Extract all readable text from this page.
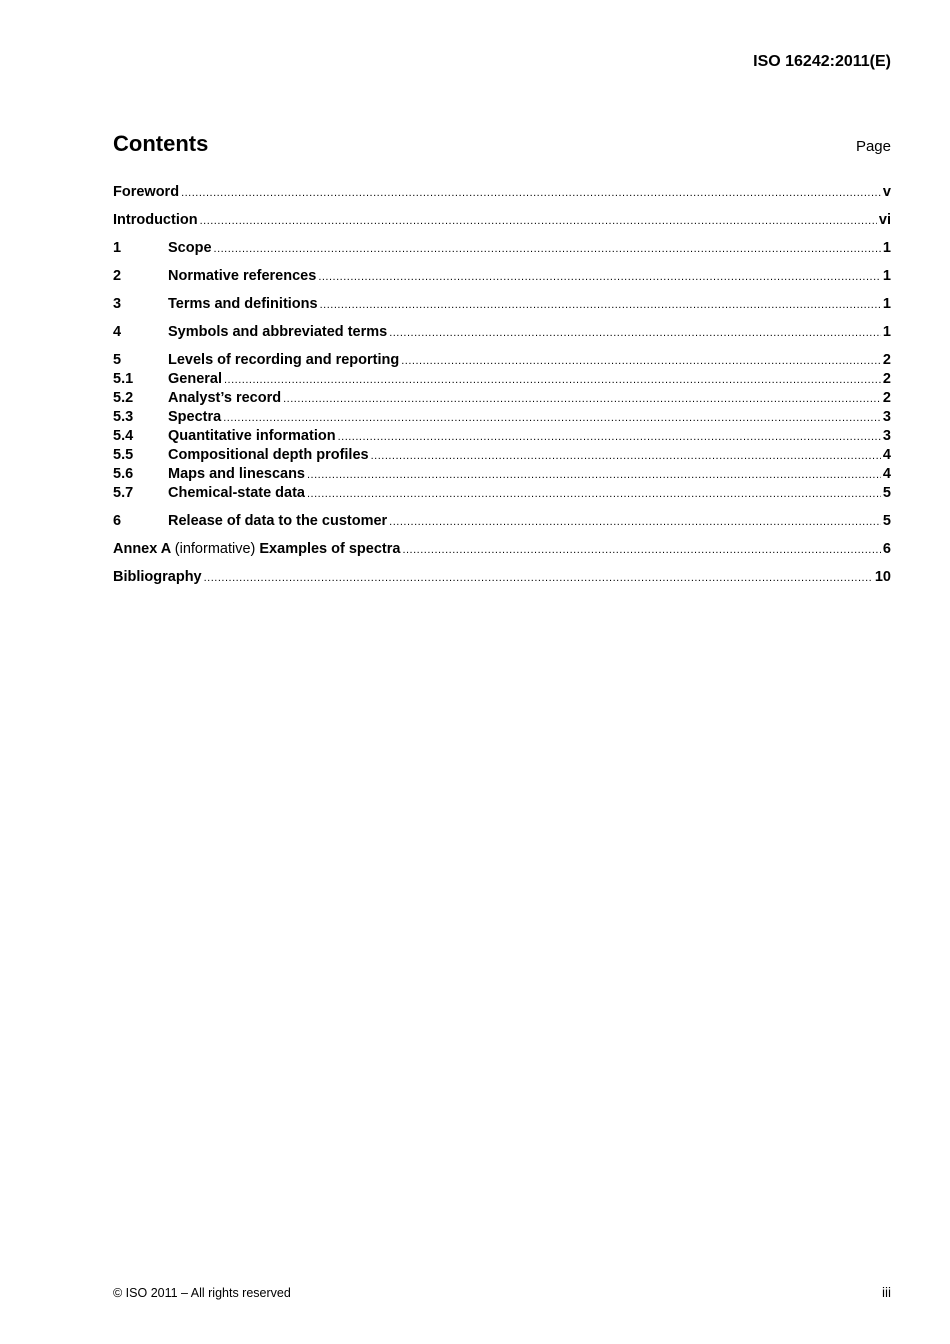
ISO 16242:2011(E)
Contents	Page
Foreword .....	v
Introduction .....	vi
1	Scope .....	1
2	Normative references .....	1
3	Terms and definitions .....	1
4	Symbols and abbreviated terms .....	1
5	Levels of recording and reporting .....	2
5.1	General .....	2
5.2	Analyst’s record .....	2
5.3	Spectra .....	3
5.4	Quantitative information .....	3
5.5	Compositional depth profiles .....	4
5.6	Maps and linescans .....	4
5.7	Chemical-state data .....	5
6	Release of data to the customer .....	5
Annex A (informative) Examples of spectra .....	6
Bibliography .....	10
© ISO 2011 – All rights reserved	iii
